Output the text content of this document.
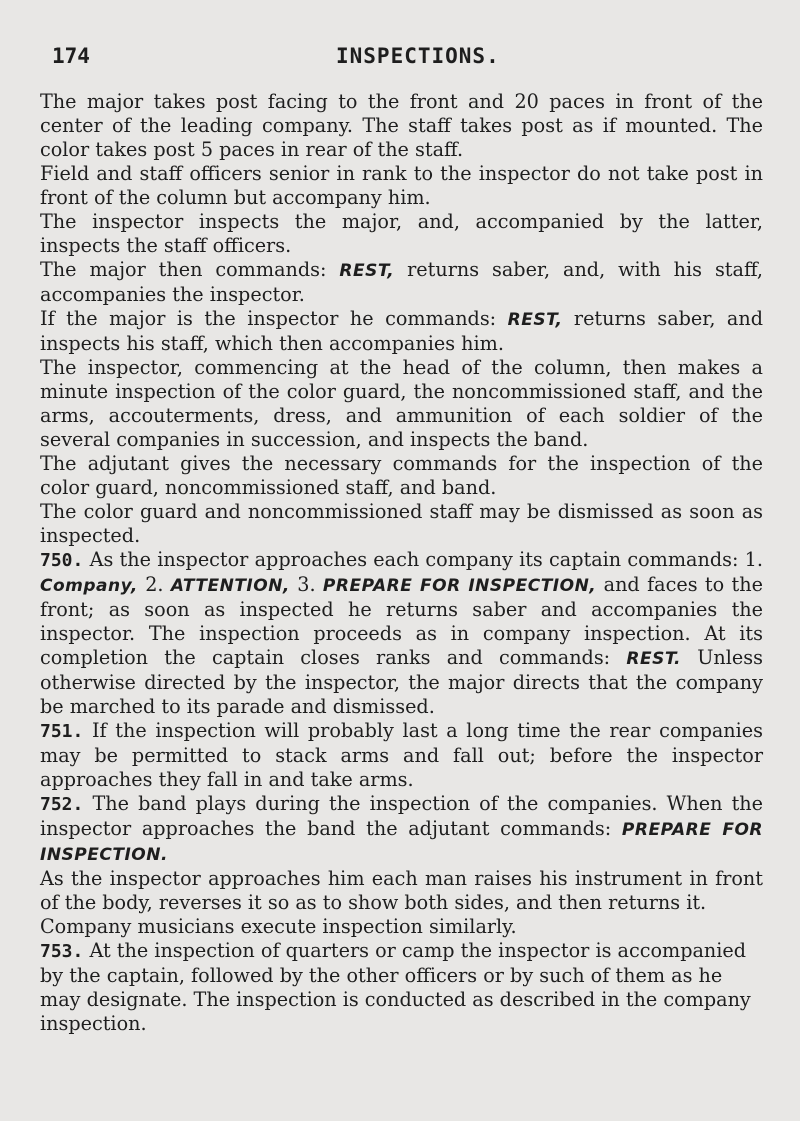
174	INSPECTIONS.

The major takes post facing to the front and 20 paces in front of the center of the leading company. The staff takes post as if mounted. The color takes post 5 paces in rear of the staff.

Field and staff officers senior in rank to the inspector do not take post in front of the column but accompany him.

The inspector inspects the major, and, accompanied by the latter, inspects the staff officers.

The major then commands: REST, returns saber, and, with his staff, accompanies the inspector.

If the major is the inspector he commands: REST, returns saber, and inspects his staff, which then accompanies him.

The inspector, commencing at the head of the column, then makes a minute inspection of the color guard, the noncommissioned staff, and the arms, accouterments, dress, and ammunition of each soldier of the several companies in succession, and inspects the band.

The adjutant gives the necessary commands for the inspection of the color guard, noncommissioned staff, and band.

The color guard and noncommissioned staff may be dismissed as soon as inspected.

750. As the inspector approaches each company its captain commands: 1. Company, 2. ATTENTION, 3. PREPARE FOR INSPECTION, and faces to the front; as soon as inspected he returns saber and accompanies the inspector. The inspection proceeds as in company inspection. At its completion the captain closes ranks and commands: REST. Unless otherwise directed by the inspector, the major directs that the company be marched to its parade and dismissed.

751. If the inspection will probably last a long time the rear companies may be permitted to stack arms and fall out; before the inspector approaches they fall in and take arms.

752. The band plays during the inspection of the companies. When the inspector approaches the band the adjutant commands: PREPARE FOR INSPECTION.

As the inspector approaches him each man raises his instrument in front of the body, reverses it so as to show both sides, and then returns it.

Company musicians execute inspection similarly.

753. At the inspection of quarters or camp the inspector is accompanied by the captain, followed by the other officers or by such of them as he may designate. The inspection is conducted as described in the company inspection.
